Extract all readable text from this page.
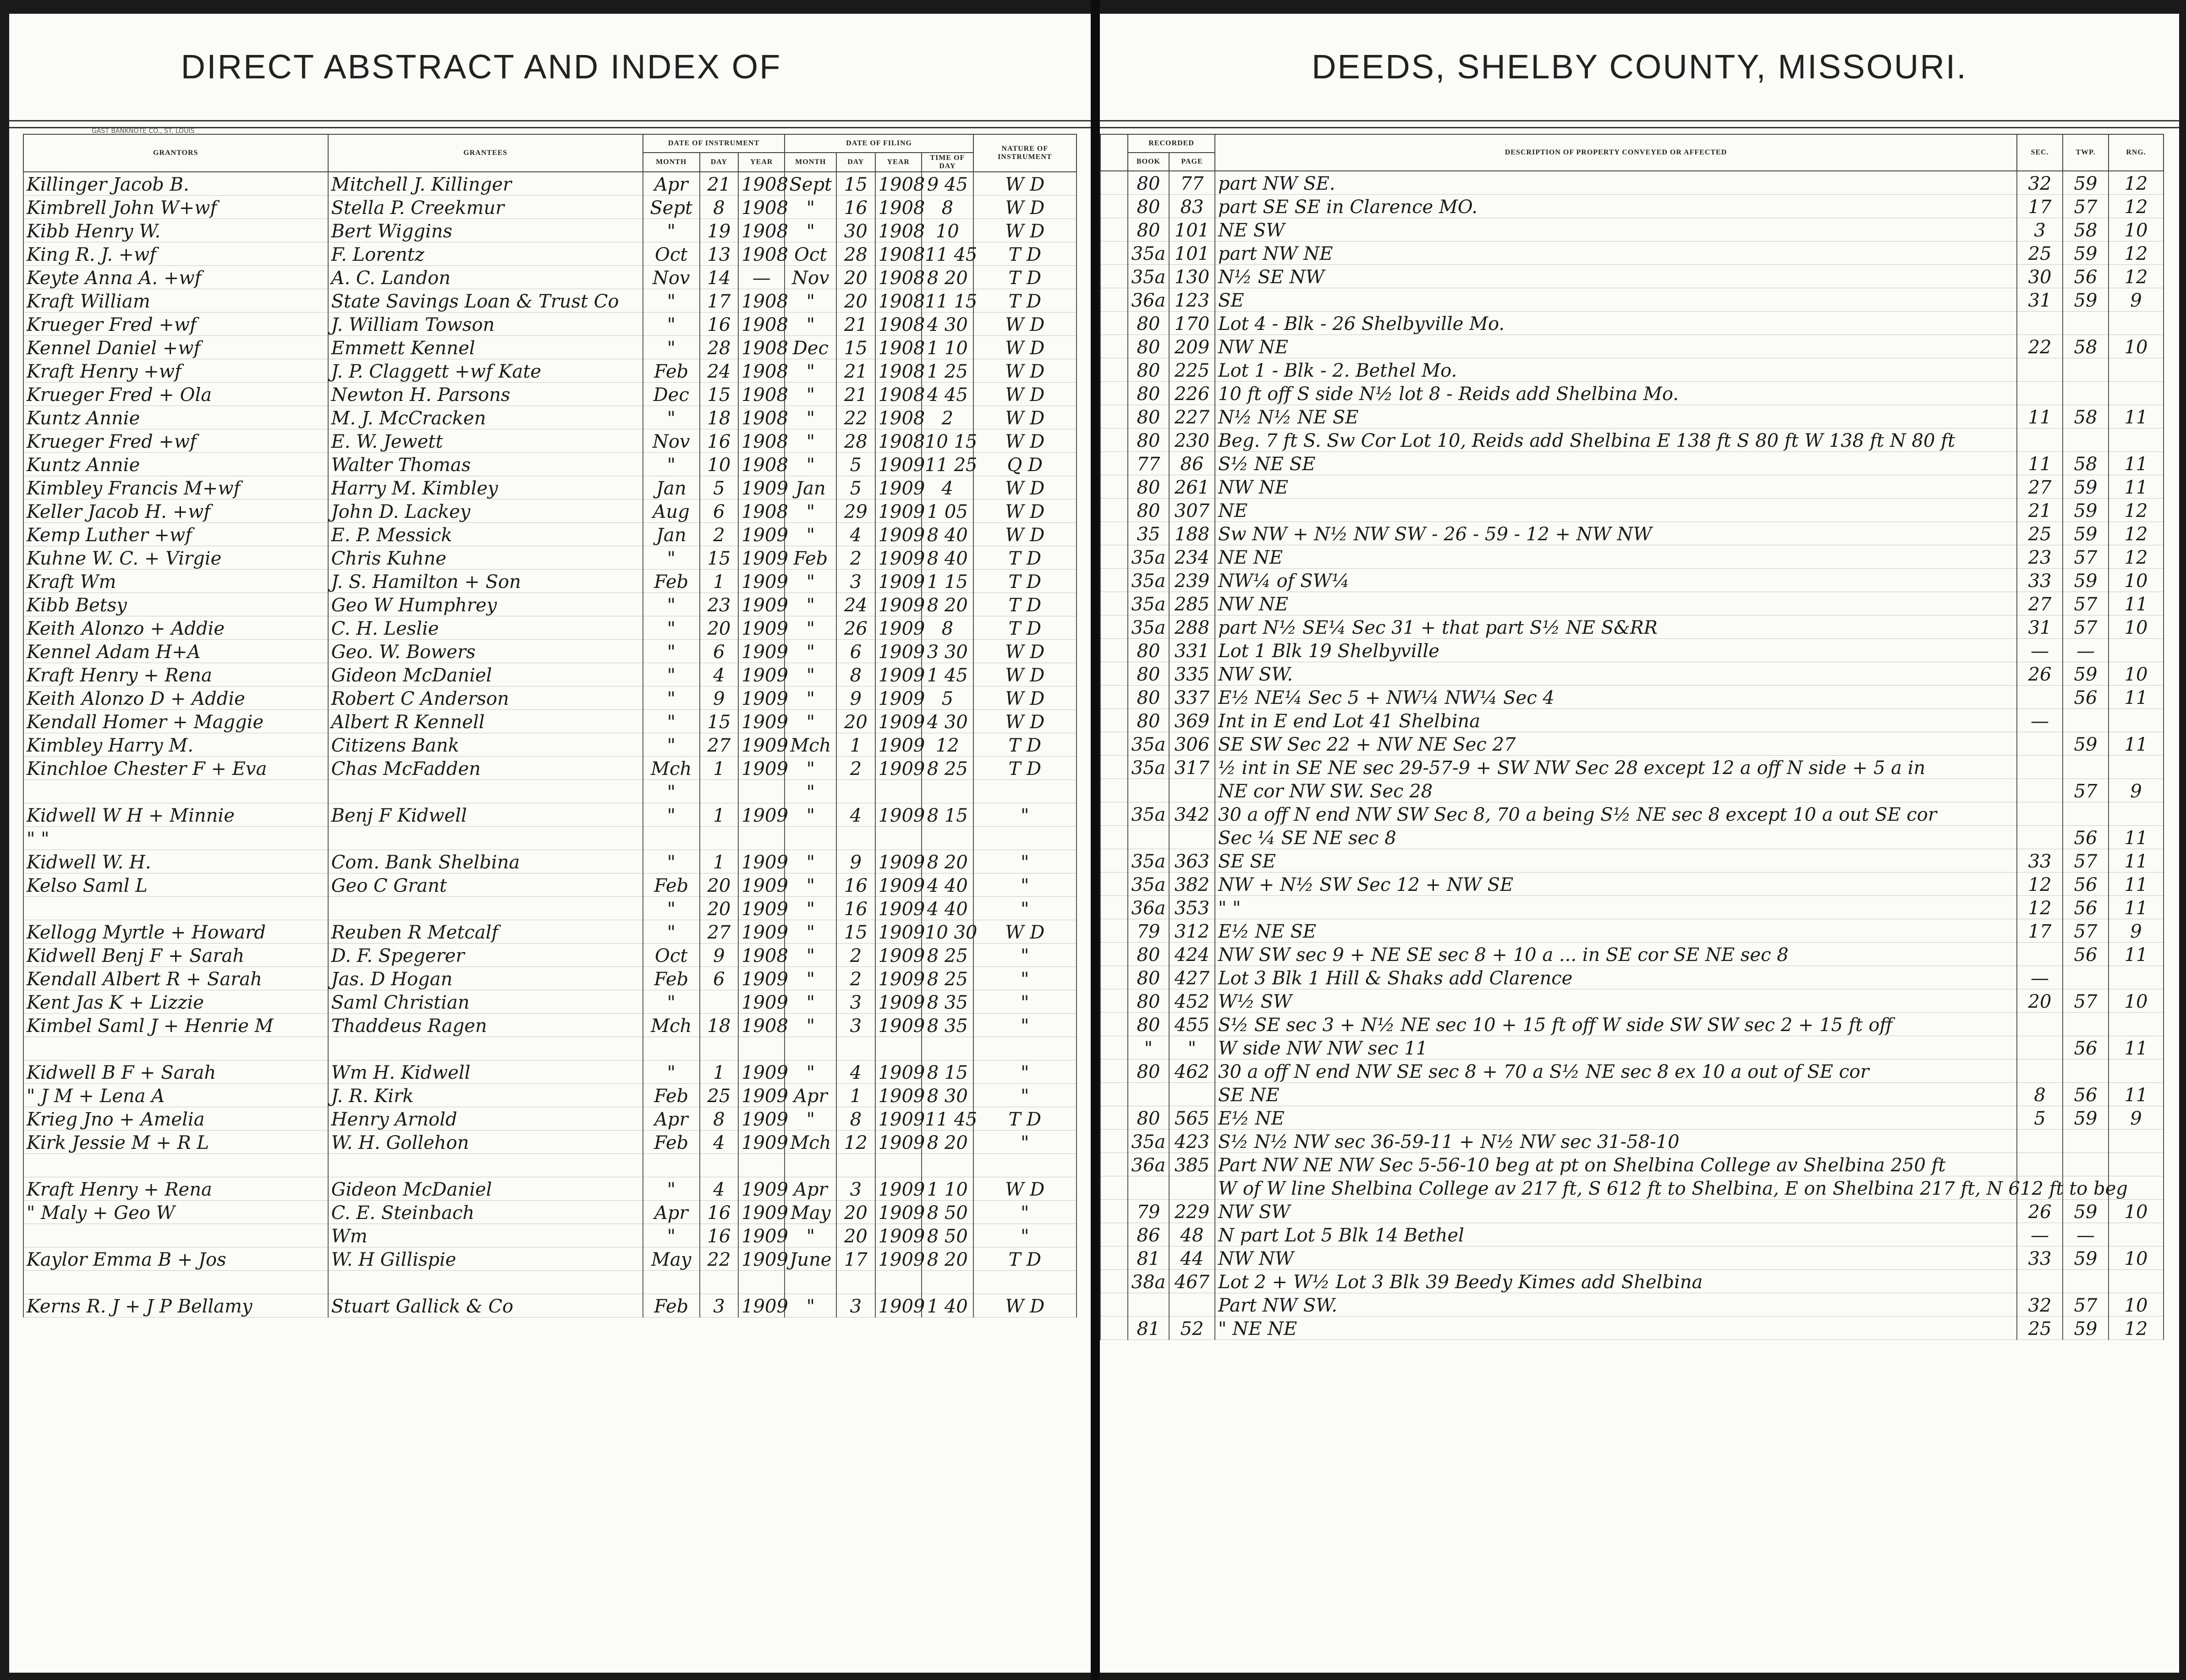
DIRECT ABSTRACT AND INDEX OF
GAST BANKNOTE CO., ST. LOUIS
GRANTORS	GRANTEES	DATE OF INSTRUMENT			DATE OF FILING				NATURE OF INSTRUMENT
		MONTH	DAY	YEAR	MONTH	DAY	YEAR	TIME OF DAY	
Killinger Jacob B.	Mitchell J. Killinger	Apr	21	1908	Sept	15	1908	9 45	W D
Kimbrell John W+wf	Stella P. Creekmur	Sept	8	1908	"	16	1908	8	W D
Kibb Henry W.	Bert Wiggins	"	19	1908	"	30	1908	10	W D
King R. J. +wf	F. Lorentz	Oct	13	1908	Oct	28	1908	11 45	T D
Keyte Anna A. +wf	A. C. Landon	Nov	14	—	Nov	20	1908	8 20	T D
Kraft William	State Savings Loan & Trust Co	"	17	1908	"	20	1908	11 15	T D
Krueger Fred +wf	J. William Towson	"	16	1908	"	21	1908	4 30	W D
Kennel Daniel +wf	Emmett Kennel	"	28	1908	Dec	15	1908	1 10	W D
Kraft Henry +wf	J. P. Claggett +wf Kate	Feb	24	1908	"	21	1908	1 25	W D
Krueger Fred + Ola	Newton H. Parsons	Dec	15	1908	"	21	1908	4 45	W D
Kuntz Annie	M. J. McCracken	"	18	1908	"	22	1908	2	W D
Krueger Fred +wf	E. W. Jewett	Nov	16	1908	"	28	1908	10 15	W D
Kuntz Annie	Walter Thomas	"	10	1908	"	5	1909	11 25	Q D
Kimbley Francis M+wf	Harry M. Kimbley	Jan	5	1909	Jan	5	1909	4	W D
Keller Jacob H. +wf	John D. Lackey	Aug	6	1908	"	29	1909	1 05	W D
Kemp Luther +wf	E. P. Messick	Jan	2	1909	"	4	1909	8 40	W D
Kuhne W. C. + Virgie	Chris Kuhne	"	15	1909	Feb	2	1909	8 40	T D
Kraft Wm	J. S. Hamilton + Son	Feb	1	1909	"	3	1909	1 15	T D
Kibb Betsy	Geo W Humphrey	"	23	1909	"	24	1909	8 20	T D
Keith Alonzo + Addie	C. H. Leslie	"	20	1909	"	26	1909	8	T D
Kennel Adam H+A	Geo. W. Bowers	"	6	1909	"	6	1909	3 30	W D
Kraft Henry + Rena	Gideon McDaniel	"	4	1909	"	8	1909	1 45	W D
Keith Alonzo D + Addie	Robert C Anderson	"	9	1909	"	9	1909	5	W D
Kendall Homer + Maggie	Albert R Kennell	"	15	1909	"	20	1909	4 30	W D
Kimbley Harry M.	Citizens Bank	"	27	1909	Mch	1	1909	12	T D
Kinchloe Chester F + Eva	Chas McFadden	Mch	1	1909	"	2	1909	8 25	T D
		"			"				
Kidwell W H + Minnie	Benj F Kidwell	"	1	1909	"	4	1909	8 15	"
" "									
Kidwell W. H.	Com. Bank Shelbina	"	1	1909	"	9	1909	8 20	"
Kelso Saml L	Geo C Grant	Feb	20	1909	"	16	1909	4 40	"
		"	20	1909	"	16	1909	4 40	"
Kellogg Myrtle + Howard	Reuben R Metcalf	"	27	1909	"	15	1909	10 30	W D
Kidwell Benj F + Sarah	D. F. Spegerer	Oct	9	1908	"	2	1909	8 25	"
Kendall Albert R + Sarah	Jas. D Hogan	Feb	6	1909	"	2	1909	8 25	"
Kent Jas K + Lizzie	Saml Christian	"		1909	"	3	1909	8 35	"
Kimbel Saml J + Henrie M	Thaddeus Ragen	Mch	18	1908	"	3	1909	8 35	"

Kidwell B F + Sarah	Wm H. Kidwell	"	1	1909	"	4	1909	8 15	"
" J M + Lena A	J. R. Kirk	Feb	25	1909	Apr	1	1909	8 30	"
Krieg Jno + Amelia	Henry Arnold	Apr	8	1909	"	8	1909	11 45	T D
Kirk Jessie M + R L	W. H. Gollehon	Feb	4	1909	Mch	12	1909	8 20	"

Kraft Henry + Rena	Gideon McDaniel	"	4	1909	Apr	3	1909	1 10	W D
" Maly + Geo W	C. E. Steinbach	Apr	16	1909	May	20	1909	8 50	"
	Wm	"	16	1909	"	20	1909	8 50	"
Kaylor Emma B + Jos	W. H Gillispie	May	22	1909	June	17	1909	8 20	T D

Kerns R. J + J P Bellamy	Stuart Gallick & Co	Feb	3	1909	"	3	1909	1 40	W D
DEEDS, SHELBY COUNTY, MISSOURI.
	RECORDED		DESCRIPTION OF PROPERTY CONVEYED OR AFFECTED	SEC.	TWP.	RNG.
	BOOK	PAGE				
	80	77	part NW SE.	32	59	12
	80	83	part SE SE in Clarence MO.	17	57	12
	80	101	NE SW	3	58	10
	35a	101	part NW NE	25	59	12
	35a	130	N½ SE NW	30	56	12
	36a	123	SE	31	59	9
	80	170	Lot 4 - Blk - 26 Shelbyville Mo.			
	80	209	NW NE	22	58	10
	80	225	Lot 1 - Blk - 2. Bethel Mo.			
	80	226	10 ft off S side N½ lot 8 - Reids add Shelbina Mo.			
	80	227	N½ N½ NE SE	11	58	11
	80	230	Beg. 7 ft S. Sw Cor Lot 10, Reids add Shelbina E 138 ft S 80 ft W 138 ft N 80 ft			
	77	86	S½ NE SE	11	58	11
	80	261	NW NE	27	59	11
	80	307	NE	21	59	12
	35	188	Sw NW + N½ NW SW - 26 - 59 - 12 + NW NW	25	59	12
	35a	234	NE NE	23	57	12
	35a	239	NW¼ of SW¼	33	59	10
	35a	285	NW NE	27	57	11
	35a	288	part N½ SE¼ Sec 31 + that part S½ NE S&RR	31	57	10
	80	331	Lot 1 Blk 19 Shelbyville	—	—	
	80	335	NW SW.	26	59	10
	80	337	E½ NE¼ Sec 5 + NW¼ NW¼ Sec 4		56	11
	80	369	Int in E end Lot 41 Shelbina	—		
	35a	306	SE SW Sec 22 + NW NE Sec 27		59	11
	35a	317	½ int in SE NE sec 29-57-9 + SW NW Sec 28 except 12 a off N side + 5 a in			
			NE cor NW SW. Sec 28		57	9
	35a	342	30 a off N end NW SW Sec 8, 70 a being S½ NE sec 8 except 10 a out SE cor			
			Sec ¼ SE NE sec 8		56	11
	35a	363	SE SE	33	57	11
	35a	382	NW + N½ SW Sec 12 + NW SE	12	56	11
	36a	353	" "	12	56	11
	79	312	E½ NE SE	17	57	9
	80	424	NW SW sec 9 + NE SE sec 8 + 10 a ... in SE cor SE NE sec 8		56	11
	80	427	Lot 3 Blk 1 Hill & Shaks add Clarence	—		
	80	452	W½ SW	20	57	10
	80	455	S½ SE sec 3 + N½ NE sec 10 + 15 ft off W side SW SW sec 2 + 15 ft off			
	"	"	W side NW NW sec 11		56	11
	80	462	30 a off N end NW SE sec 8 + 70 a S½ NE sec 8 ex 10 a out of SE cor			
			SE NE	8	56	11
	80	565	E½ NE	5	59	9
	35a	423	S½ N½ NW sec 36-59-11 + N½ NW sec 31-58-10			
	36a	385	Part NW NE NW Sec 5-56-10 beg at pt on Shelbina College av Shelbina 250 ft			
			W of W line Shelbina College av 217 ft, S 612 ft to Shelbina, E on Shelbina 217 ft, N 612 ft to beg			
	79	229	NW SW	26	59	10
	86	48	N part Lot 5 Blk 14 Bethel	—	—	
	81	44	NW NW	33	59	10
	38a	467	Lot 2 + W½ Lot 3 Blk 39 Beedy Kimes add Shelbina			
			Part NW SW.	32	57	10
	81	52	" NE NE	25	59	12
